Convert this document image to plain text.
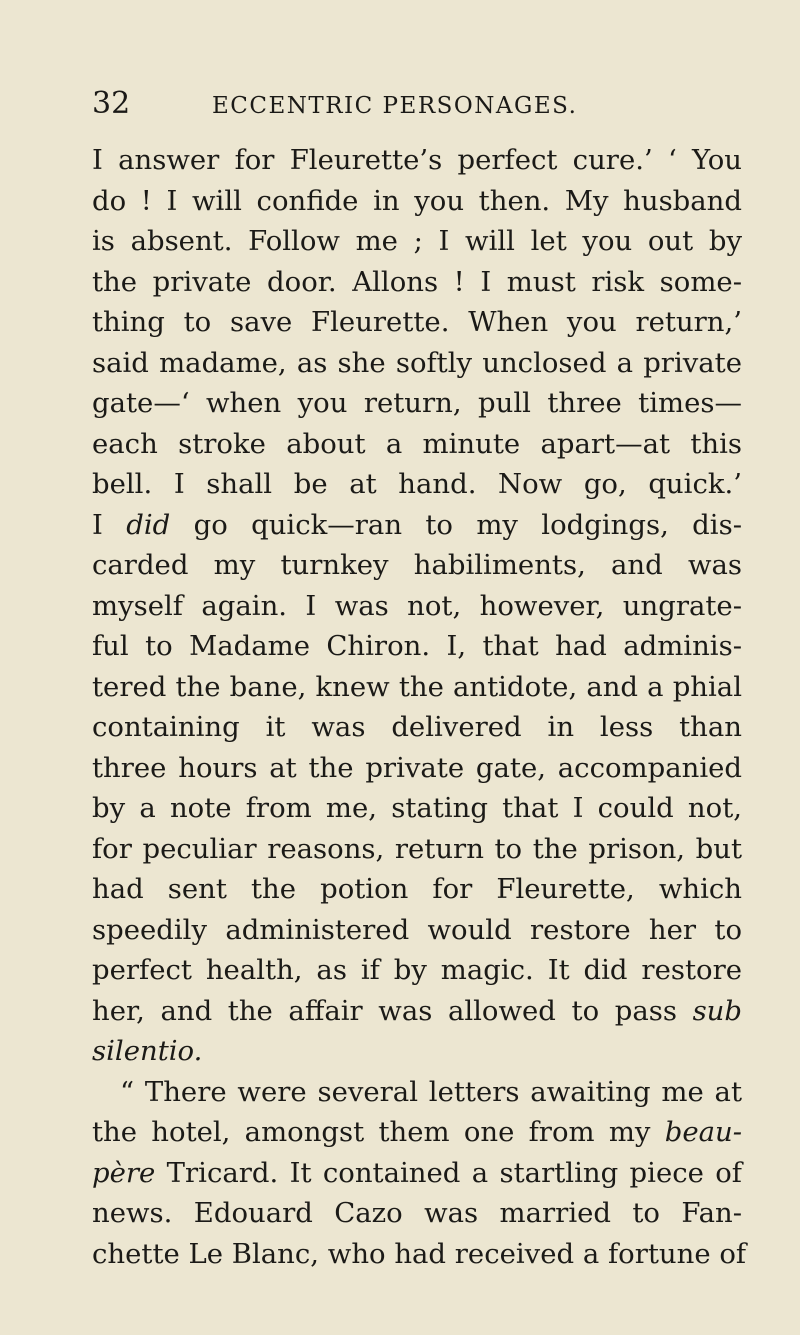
32	ECCENTRIC PERSONAGES.
I answer for Fleurette’s perfect cure.’ ‘ You
do ! I will confide in you then. My husband
is absent. Follow me ; I will let you out by
the private door. Allons ! I must risk some-
thing to save Fleurette. When you return,’
said madame, as she softly unclosed a private
gate—‘ when you return, pull three times—
each stroke about a minute apart—at this
bell. I shall be at hand. Now go, quick.’
I did go quick—ran to my lodgings, dis-
carded my turnkey habiliments, and was
myself again. I was not, however, ungrate-
ful to Madame Chiron. I, that had adminis-
tered the bane, knew the antidote, and a phial
containing it was delivered in less than
three hours at the private gate, accompanied
by a note from me, stating that I could not,
for peculiar reasons, return to the prison, but
had sent the potion for Fleurette, which
speedily administered would restore her to
perfect health, as if by magic. It did restore
her, and the affair was allowed to pass sub
silentio.
“ There were several letters awaiting me at
the hotel, amongst them one from my beau-
père Tricard. It contained a startling piece of
news. Edouard Cazo was married to Fan-
chette Le Blanc, who had received a fortune of
